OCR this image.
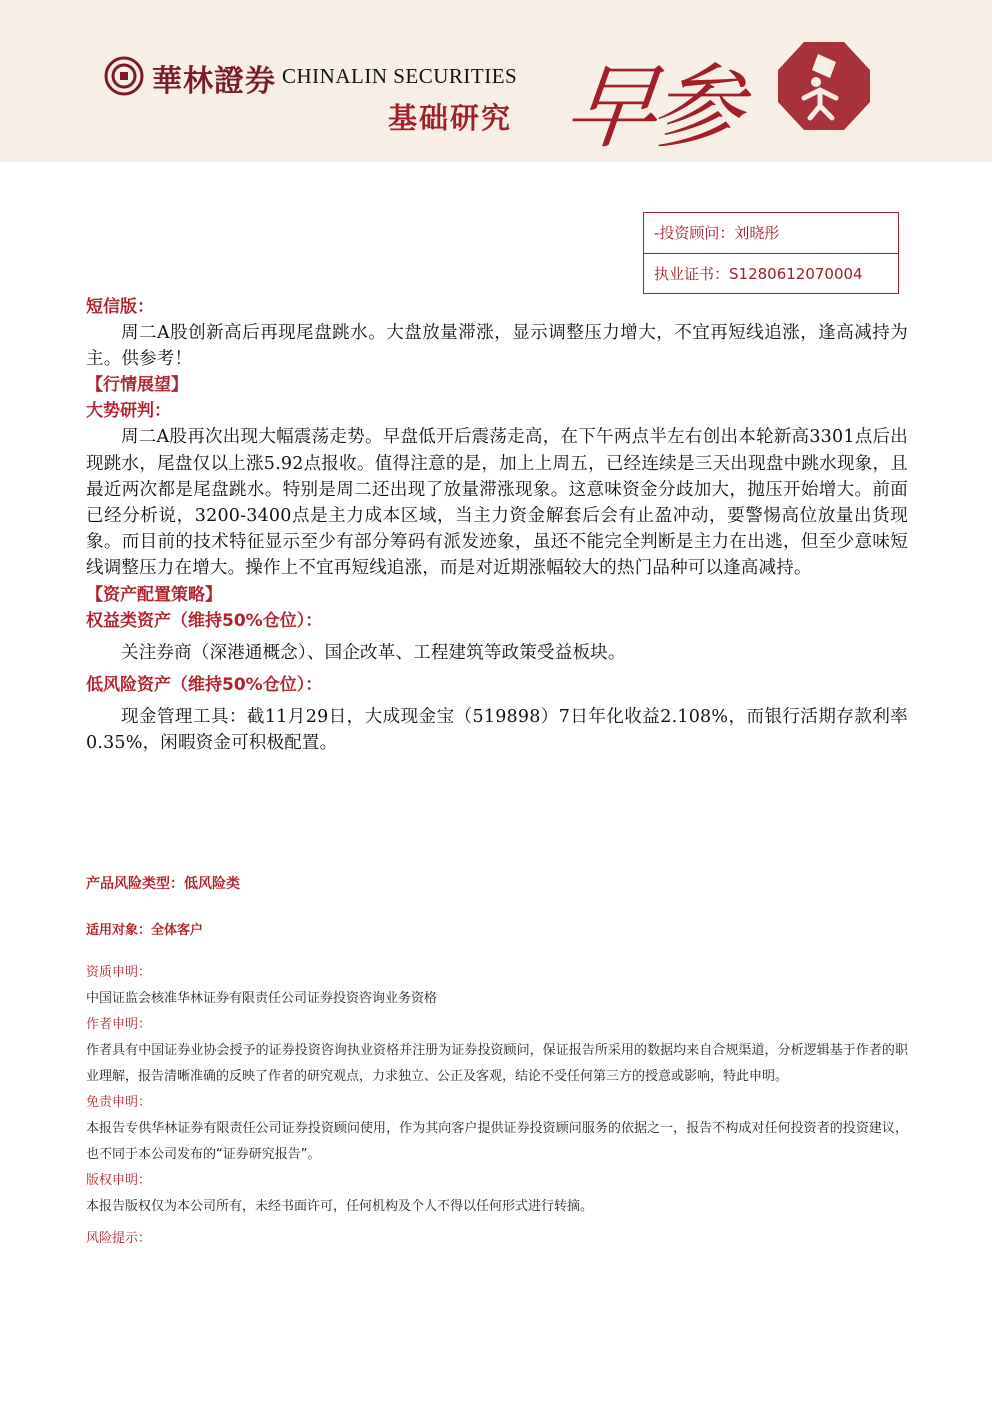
華林證券 CHINALIN SECURITIES
基础研究 早参
-投资顾问：刘晓彤
执业证书：S1280612070004

短信版：

周二A股创新高后再现尾盘跳水。大盘放量滞涨，显示调整压力增大，不宜再短线追涨，逢高减持为主。供参考！

【行情展望】

大势研判：

周二A股再次出现大幅震荡走势。早盘低开后震荡走高，在下午两点半左右创出本轮新高3301点后出现跳水，尾盘仅以上涨5.92点报收。值得注意的是，加上上周五，已经连续是三天出现盘中跳水现象，且最近两次都是尾盘跳水。特别是周二还出现了放量滞涨现象。这意味资金分歧加大，抛压开始增大。前面已经分析说，3200-3400点是主力成本区域，当主力资金解套后会有止盈冲动，要警惕高位放量出货现象。而目前的技术特征显示至少有部分筹码有派发迹象，虽还不能完全判断是主力在出逃，但至少意味短线调整压力在增大。操作上不宜再短线追涨，而是对近期涨幅较大的热门品种可以逢高减持。

【资产配置策略】

权益类资产（维持50%仓位）：

关注券商（深港通概念）、国企改革、工程建筑等政策受益板块。

低风险资产（维持50%仓位）：

现金管理工具：截11月29日，大成现金宝（519898）7日年化收益2.108%，而银行活期存款利率0.35%，闲暇资金可积极配置。

产品风险类型：低风险类

适用对象：全体客户

资质申明：

中国证监会核准华林证券有限责任公司证券投资咨询业务资格

作者申明：

作者具有中国证券业协会授予的证券投资咨询执业资格并注册为证券投资顾问，保证报告所采用的数据均来自合规渠道，分析逻辑基于作者的职业理解，报告清晰准确的反映了作者的研究观点，力求独立、公正及客观，结论不受任何第三方的授意或影响，特此申明。

免责申明：

本报告专供华林证券有限责任公司证券投资顾问使用，作为其向客户提供证券投资顾问服务的依据之一，报告不构成对任何投资者的投资建议，也不同于本公司发布的“证券研究报告”。

版权申明：

本报告版权仅为本公司所有，未经书面许可，任何机构及个人不得以任何形式进行转摘。

风险提示：
